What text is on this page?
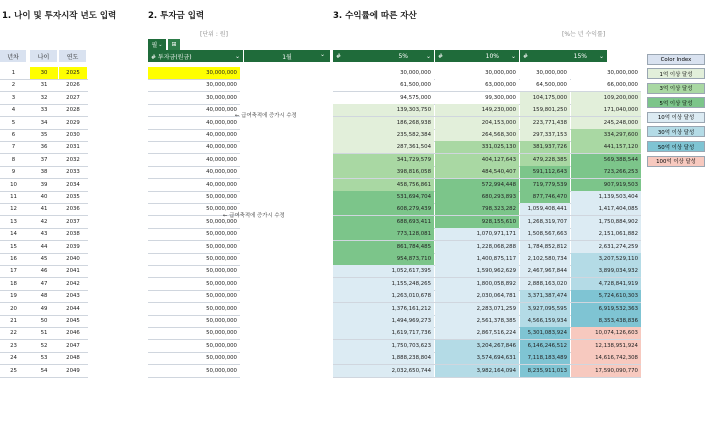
1. 나이 및 투자시작 년도 입력	2. 투자금 입력	3. 수익률에 따른 자산
[단위 : 원]	[%는 년 수익률]
필 ⌄ ⊞
년차	나이	연도	# 투자금(원금)	⌄	1월	⌄ #	5%	⌄	#	10%	⌄	#	15%	⌄	Color Index
1억 이상 달성
3억 이상 달성
5억 이상 달성
10억 이상 달성
30억 이상 달성
50억 이상 달성
100억 이상 달성
1	30	2025	30,000,000	30,000,000	30,000,000	30,000,000	30,000,000
2	31	2026	30,000,000	61,500,000	63,000,000	64,500,000	66,000,000
3	32	2027	30,000,000	94,575,000	99,300,000	104,175,000	109,200,000
4	33	2028	40,000,000	139,303,750	149,230,000	159,801,250	171,040,000
5	34	2029	40,000,000	186,268,938	204,153,000	223,771,438	245,248,000
6	35	2030	40,000,000	235,582,384	264,568,300	297,337,153	334,297,600
7	36	2031	40,000,000	287,361,504	331,025,130	381,937,726	441,157,120
8	37	2032	40,000,000	341,729,579	404,127,643	479,228,385	569,388,544
9	38	2033	40,000,000	398,816,058	484,540,407	591,112,643	723,266,253
10	39	2034	40,000,000	458,756,861	572,994,448	719,779,539	907,919,503
11	40	2035	50,000,000	531,694,704	680,293,893	877,746,470	1,139,503,404
12	41	2036	50,000,000	608,279,439	798,323,282	1,059,408,441	1,417,404,085
13	42	2037	50,000,000	688,693,411	928,155,610	1,268,319,707	1,750,884,902
14	43	2038	50,000,000	773,128,081	1,070,971,171	1,508,567,663	2,151,061,882
15	44	2039	50,000,000	861,784,485	1,228,068,288	1,784,852,812	2,631,274,259
16	45	2040	50,000,000	954,873,710	1,400,875,117	2,102,580,734	3,207,529,110
17	46	2041	50,000,000	1,052,617,395	1,590,962,629	2,467,967,844	3,899,034,932
18	47	2042	50,000,000	1,155,248,265	1,800,058,892	2,888,163,020	4,728,841,919
19	48	2043	50,000,000	1,263,010,678	2,030,064,781	3,371,387,474	5,724,610,303
20	49	2044	50,000,000	1,376,161,212	2,283,071,259	3,927,095,595	6,919,532,363
21	50	2045	50,000,000	1,494,969,273	2,561,378,385	4,566,159,934	8,353,438,836
22	51	2046	50,000,000	1,619,717,736	2,867,516,224	5,301,083,924	10,074,126,603
23	52	2047	50,000,000	1,750,703,623	3,204,267,846	6,146,246,512	12,138,951,924
24	53	2048	50,000,000	1,888,238,804	3,574,694,631	7,118,183,489	14,616,742,308
25	54	2049	50,000,000	2,032,650,744	3,982,164,094	8,235,911,013	17,590,090,770
← 급여축적에 증가시 수정
← 급여축적에 증가시 수정
